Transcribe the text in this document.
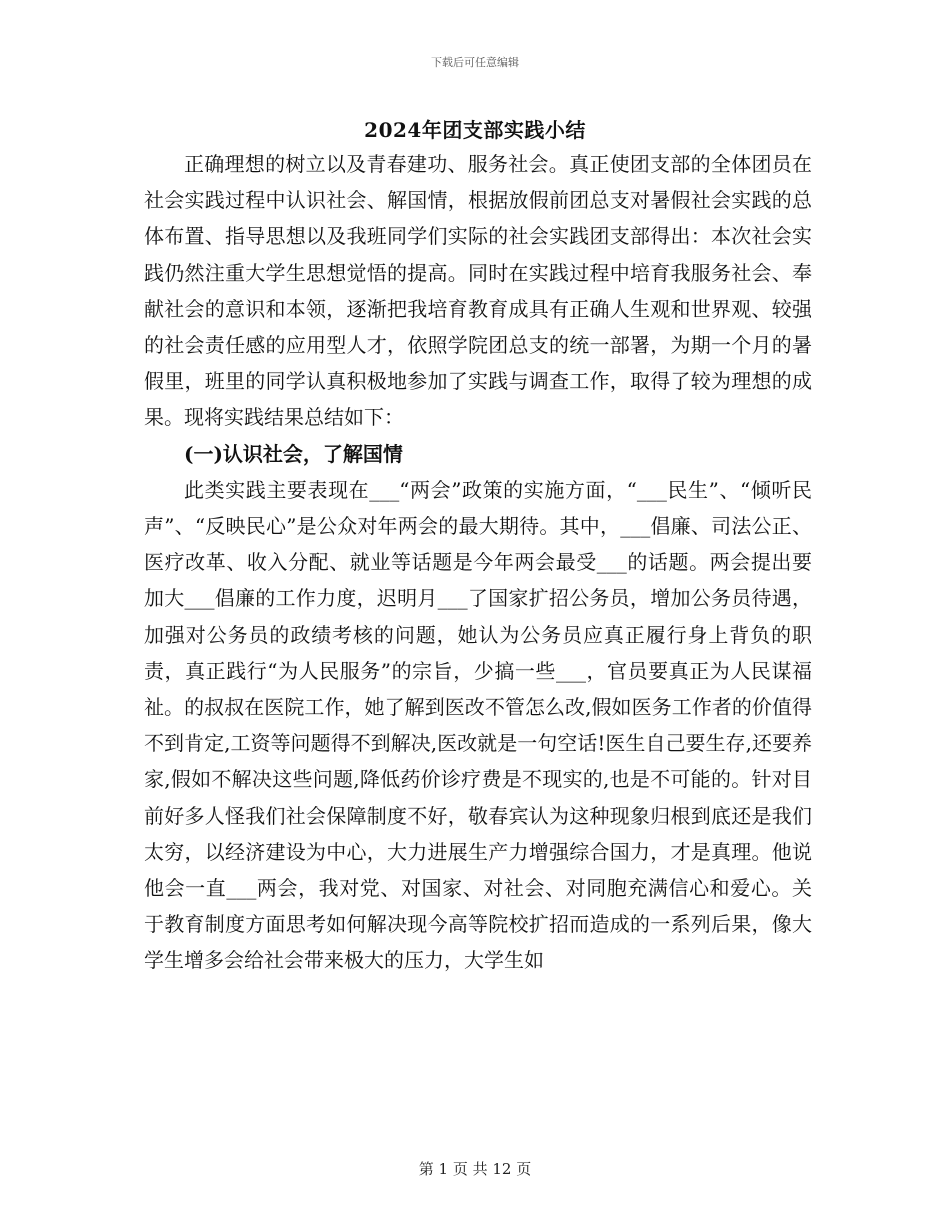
下载后可任意编辑
2024年团支部实践小结

正确理想的树立以及青春建功、服务社会。真正使团支部的全体团员在社会实践过程中认识社会、解国情，根据放假前团总支对暑假社会实践的总体布置、指导思想以及我班同学们实际的社会实践团支部得出：本次社会实践仍然注重大学生思想觉悟的提高。同时在实践过程中培育我服务社会、奉献社会的意识和本领，逐渐把我培育教育成具有正确人生观和世界观、较强的社会责任感的应用型人才，依照学院团总支的统一部署，为期一个月的暑假里，班里的同学认真积极地参加了实践与调查工作，取得了较为理想的成果。现将实践结果总结如下：

(一)认识社会，了解国情

此类实践主要表现在___“两会”政策的实施方面，“___民生”、“倾听民声”、“反映民心”是公众对年两会的最大期待。其中，___倡廉、司法公正、医疗改革、收入分配、就业等话题是今年两会最受___的话题。两会提出要加大___倡廉的工作力度，迟明月___了国家扩招公务员，增加公务员待遇，加强对公务员的政绩考核的问题，她认为公务员应真正履行身上背负的职责，真正践行“为人民服务”的宗旨，少搞一些___，官员要真正为人民谋福祉。的叔叔在医院工作，她了解到医改不管怎么改,假如医务工作者的价值得不到肯定,工资等问题得不到解决,医改就是一句空话!医生自己要生存,还要养家,假如不解决这些问题,降低药价诊疗费是不现实的,也是不可能的。针对目前好多人怪我们社会保障制度不好，敬春宾认为这种现象归根到底还是我们太穷，以经济建设为中心，大力进展生产力增强综合国力，才是真理。他说他会一直___两会，我对党、对国家、对社会、对同胞充满信心和爱心。关于教育制度方面思考如何解决现今高等院校扩招而造成的一系列后果，像大学生增多会给社会带来极大的压力，大学生如

第 1 页 共 12 页
